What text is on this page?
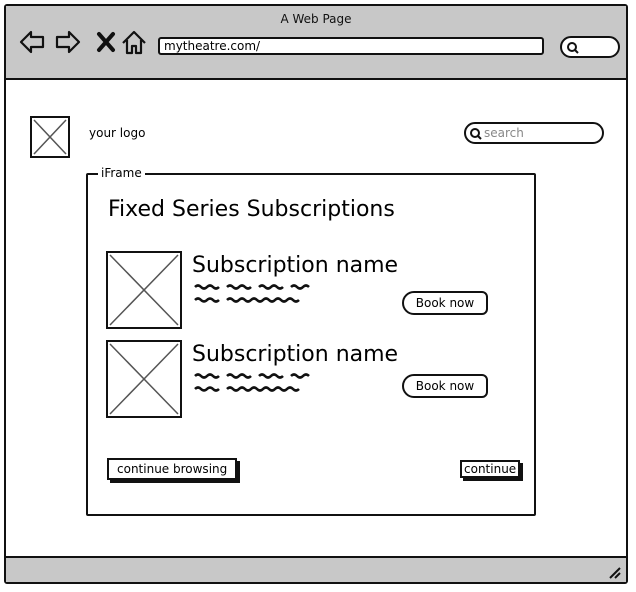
A Web Page
mytheatre.com/
your logo
search
iFrame
Fixed Series Subscriptions
Subscription name
Book now
Subscription name
Book now
continue browsing	continue
